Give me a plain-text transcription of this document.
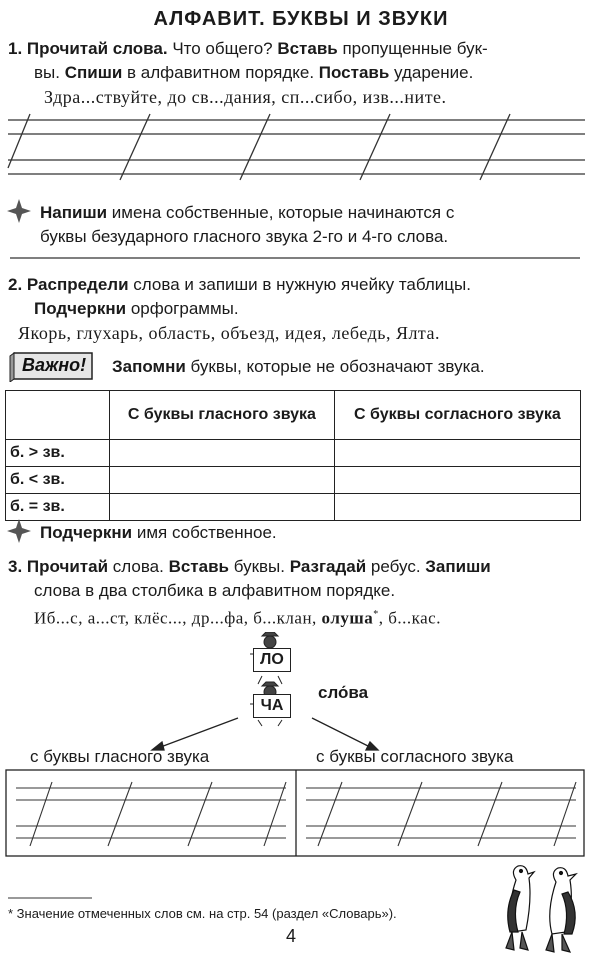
АЛФАВИТ. БУКВЫ И ЗВУКИ
1. Прочитай слова. Что общего? Вставь пропущенные бук-
вы. Спиши в алфавитном порядке. Поставь ударение.
Здра...ствуйте, до св...дания, сп...сибо, изв...ните.
Напиши имена собственные, которые начинаются с
буквы безударного гласного звука 2-го и 4-го слова.
2. Распредели слова и запиши в нужную ячейку таблицы.
Подчеркни орфограммы.
Якорь, глухарь, область, объезд, идея, лебедь, Ялта.
Важно! Запомни буквы, которые не обозначают звука.
	С буквы гласного звука	С буквы согласного звука
б. > зв.		
б. < зв.		
б. = зв.		
Подчеркни имя собственное.
3. Прочитай слова. Вставь буквы. Разгадай ребус. Запиши
слова в два столбика в алфавитном порядке.
Иб...с, а...ст, клёс..., др...фа, б...клан, олуша*, б...кас.
ЛО
ЧА
сло́ва
с буквы гласного звука	с буквы согласного звука
* Значение отмеченных слов см. на стр. 54 (раздел «Словарь»).
4
